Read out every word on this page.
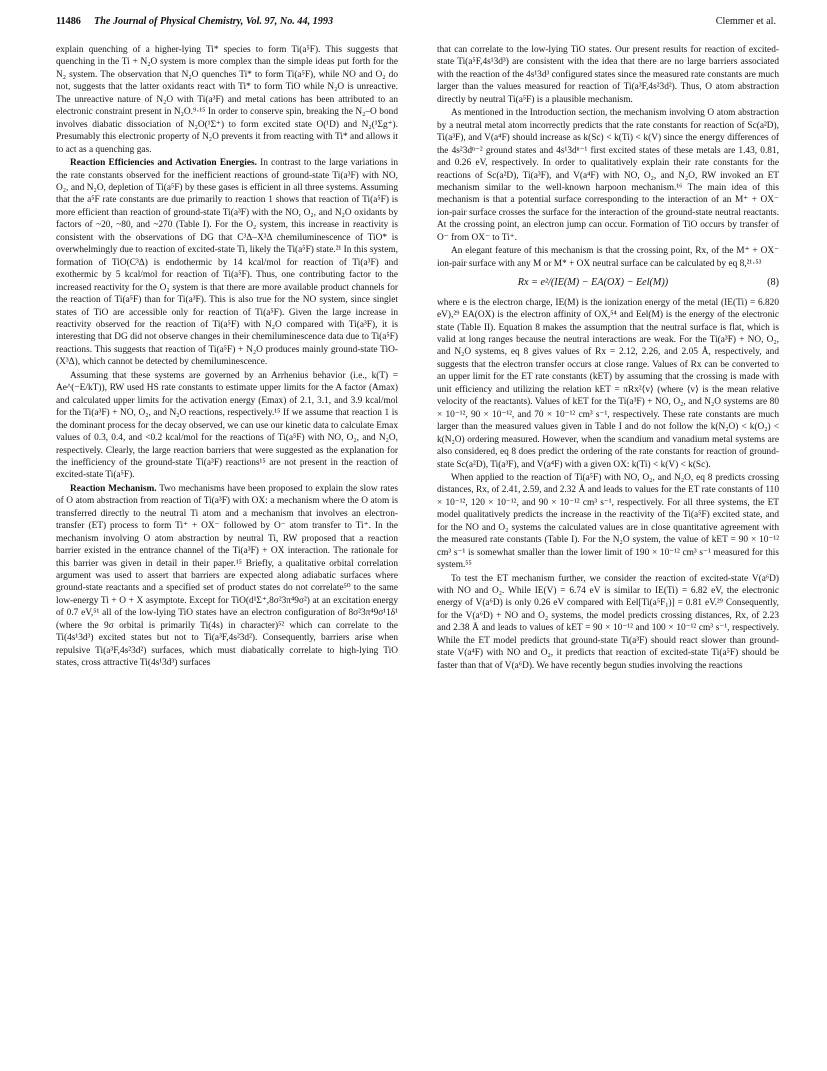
11486 The Journal of Physical Chemistry, Vol. 97, No. 44, 1993	Clemmer et al.

explain quenching of a higher-lying Ti* species to form Ti(a⁵F). This suggests that quenching in the Ti + N₂O system is more complex than the simple ideas put forth for the N₂ system. The observation that N₂O quenches Ti* to form Ti(a⁵F), while NO and O₂ do not, suggests that the latter oxidants react with Ti* to form TiO while N₂O is unreactive. The unreactive nature of N₂O with Ti(a³F) and metal cations has been attributed to an electronic constraint present in N₂O.⁹·¹⁵ In order to conserve spin, breaking the N₂–O bond involves diabatic dissociation of N₂O(¹Σ⁺) to form excited state O(¹D) and N₂(¹Σg⁺). Presumably this electronic property of N₂O prevents it from reacting with Ti* and allows it to act as a quenching gas.

Reaction Efficiencies and Activation Energies. In contrast to the large variations in the rate constants observed for the inefficient reactions of ground-state Ti(a³F) with NO, O₂, and N₂O, depletion of Ti(a⁵F) by these gases is efficient in all three systems. Assuming that the a⁵F rate constants are due primarily to reaction 1 shows that reaction of Ti(a⁵F) is more efficient than reaction of ground-state Ti(a³F) with the NO, O₂, and N₂O oxidants by factors of ~20, ~80, and ~270 (Table I). For the O₂ system, this increase in reactivity is consistent with the observations of DG that C³Δ–X³Δ chemiluminescence of TiO* is overwhelmingly due to reaction of excited-state Ti, likely the Ti(a⁵F) state.²¹ In this system, formation of TiO(C³Δ) is endothermic by 14 kcal/mol for reaction of Ti(a³F) and exothermic by 5 kcal/mol for reaction of Ti(a⁵F). Thus, one contributing factor to the increased reactivity for the O₂ system is that there are more available product channels for the reaction of Ti(a⁵F) than for Ti(a³F). This is also true for the NO system, since singlet states of TiO are accessible only for reaction of Ti(a⁵F). Given the large increase in reactivity observed for the reaction of Ti(a⁵F) with N₂O compared with Ti(a³F), it is interesting that DG did not observe changes in their chemiluminescence data due to Ti(a⁵F) reactions. This suggests that reaction of Ti(a⁵F) + N₂O produces mainly ground-state TiO-(X³Δ), which cannot be detected by chemiluminescence.

Assuming that these systems are governed by an Arrhenius behavior (i.e., k(T) = Ae^(−E/kT)), RW used HS rate constants to estimate upper limits for the A factor (Amax) and calculated upper limits for the activation energy (Emax) of 2.1, 3.1, and 3.9 kcal/mol for the Ti(a³F) + NO, O₂, and N₂O reactions, respectively.¹⁵ If we assume that reaction 1 is the dominant process for the decay observed, we can use our kinetic data to calculate Emax values of 0.3, 0.4, and <0.2 kcal/mol for the reactions of Ti(a⁵F) with NO, O₂, and N₂O, respectively. Clearly, the large reaction barriers that were suggested as the explanation for the inefficiency of the ground-state Ti(a³F) reactions¹⁵ are not present in the reaction of excited-state Ti(a⁵F).

Reaction Mechanism. Two mechanisms have been proposed to explain the slow rates of O atom abstraction from reaction of Ti(a³F) with OX: a mechanism where the O atom is transferred directly to the neutral Ti atom and a mechanism that involves an electron-transfer (ET) process to form Ti⁺ + OX⁻ followed by O⁻ atom transfer to Ti⁺. In the mechanism involving O atom abstraction by neutral Ti, RW proposed that a reaction barrier existed in the entrance channel of the Ti(a³F) + OX interaction. The rationale for this barrier was given in detail in their paper.¹⁵ Briefly, a qualitative orbital correlation argument was used to assert that barriers are expected along adiabatic surfaces where ground-state reactants and a specified set of product states do not correlate⁵⁰ to the same low-energy Ti + O + X asymptote. Except for TiO(d¹Σ⁺,8σ²3π⁴9σ²) at an excitation energy of 0.7 eV,⁵¹ all of the low-lying TiO states have an electron configuration of 8σ²3π⁴9σ¹1δ¹ (where the 9σ orbital is primarily Ti(4s) in character)⁵² which can correlate to the Ti(4s¹3d³) excited states but not to Ti(a³F,4s²3d²). Consequently, barriers arise when repulsive Ti(a³F,4s²3d²) surfaces, which must diabatically correlate to high-lying TiO states, cross attractive Ti(4s¹3d³) surfaces

that can correlate to the low-lying TiO states. Our present results for reaction of excited-state Ti(a⁵F,4s¹3d³) are consistent with the idea that there are no large barriers associated with the reaction of the 4s¹3d³ configured states since the measured rate constants are much larger than the values measured for reaction of Ti(a³F,4s²3d²). Thus, O atom abstraction directly by neutral Ti(a⁵F) is a plausible mechanism.

As mentioned in the Introduction section, the mechanism involving O atom abstraction by a neutral metal atom incorrectly predicts that the rate constants for reaction of Sc(a²D), Ti(a³F), and V(a⁴F) should increase as k(Sc) < k(Ti) < k(V) since the energy differences of the 4s²3dⁿ⁻² ground states and 4s¹3dⁿ⁻¹ first excited states of these metals are 1.43, 0.81, and 0.26 eV, respectively. In order to qualitatively explain their rate constants for the reactions of Sc(a²D), Ti(a³F), and V(a⁴F) with NO, O₂, and N₂O, RW invoked an ET mechanism similar to the well-known harpoon mechanism.¹⁶ The main idea of this mechanism is that a potential surface corresponding to the interaction of an M⁺ + OX⁻ ion-pair surface crosses the surface for the interaction of the ground-state neutral reactants. At the crossing point, an electron jump can occur. Formation of TiO occurs by transfer of O⁻ from OX⁻ to Ti⁺.

An elegant feature of this mechanism is that the crossing point, Rx, of the M⁺ + OX⁻ ion-pair surface with any M or M* + OX neutral surface can be calculated by eq 8,²¹·⁵³

Rx = e²/(IE(M) − EA(OX) − Eel(M))	(8)

where e is the electron charge, IE(M) is the ionization energy of the metal (IE(Ti) = 6.820 eV),²⁹ EA(OX) is the electron affinity of OX,⁵⁴ and Eel(M) is the energy of the electronic state (Table II). Equation 8 makes the assumption that the neutral surface is flat, which is valid at long ranges because the neutral interactions are weak. For the Ti(a³F) + NO, O₂, and N₂O systems, eq 8 gives values of Rx = 2.12, 2.26, and 2.05 Å, respectively, and suggests that the electron transfer occurs at close range. Values of Rx can be converted to an upper limit for the ET rate constants (kET) by assuming that the crossing is made with unit efficiency and utilizing the relation kET = πRx²⟨v⟩ (where ⟨v⟩ is the mean relative velocity of the reactants). Values of kET for the Ti(a³F) + NO, O₂, and N₂O systems are 80 × 10⁻¹², 90 × 10⁻¹², and 70 × 10⁻¹² cm³ s⁻¹, respectively. These rate constants are much larger than the measured values given in Table I and do not follow the k(N₂O) < k(O₂) < k(N₂O) ordering measured. However, when the scandium and vanadium metal systems are also considered, eq 8 does predict the ordering of the rate constants for reaction of ground-state Sc(a²D), Ti(a³F), and V(a⁴F) with a given OX: k(Ti) < k(V) < k(Sc).

When applied to the reaction of Ti(a⁵F) with NO, O₂, and N₂O, eq 8 predicts crossing distances, Rx, of 2.41, 2.59, and 2.32 Å and leads to values for the ET rate constants of 110 × 10⁻¹², 120 × 10⁻¹², and 90 × 10⁻¹² cm³ s⁻¹, respectively. For all three systems, the ET model qualitatively predicts the increase in the reactivity of the Ti(a⁵F) excited state, and for the NO and O₂ systems the calculated values are in close quantitative agreement with the measured rate constants (Table I). For the N₂O system, the value of kET = 90 × 10⁻¹² cm³ s⁻¹ is somewhat smaller than the lower limit of 190 × 10⁻¹² cm³ s⁻¹ measured for this system.⁵⁵

To test the ET mechanism further, we consider the reaction of excited-state V(a⁶D) with NO and O₂. While IE(V) = 6.74 eV is similar to IE(Ti) = 6.82 eV, the electronic energy of V(a⁶D) is only 0.26 eV compared with Eel[Ti(a⁵F₁)] = 0.81 eV.²⁹ Consequently, for the V(a⁶D) + NO and O₂ systems, the model predicts crossing distances, Rx, of 2.23 and 2.38 Å and leads to values of kET = 90 × 10⁻¹² and 100 × 10⁻¹² cm³ s⁻¹, respectively. While the ET model predicts that ground-state Ti(a³F) should react slower than ground-state V(a⁴F) with NO and O₂, it predicts that reaction of excited-state Ti(a⁵F) should be faster than that of V(a⁶D). We have recently begun studies involving the reactions
